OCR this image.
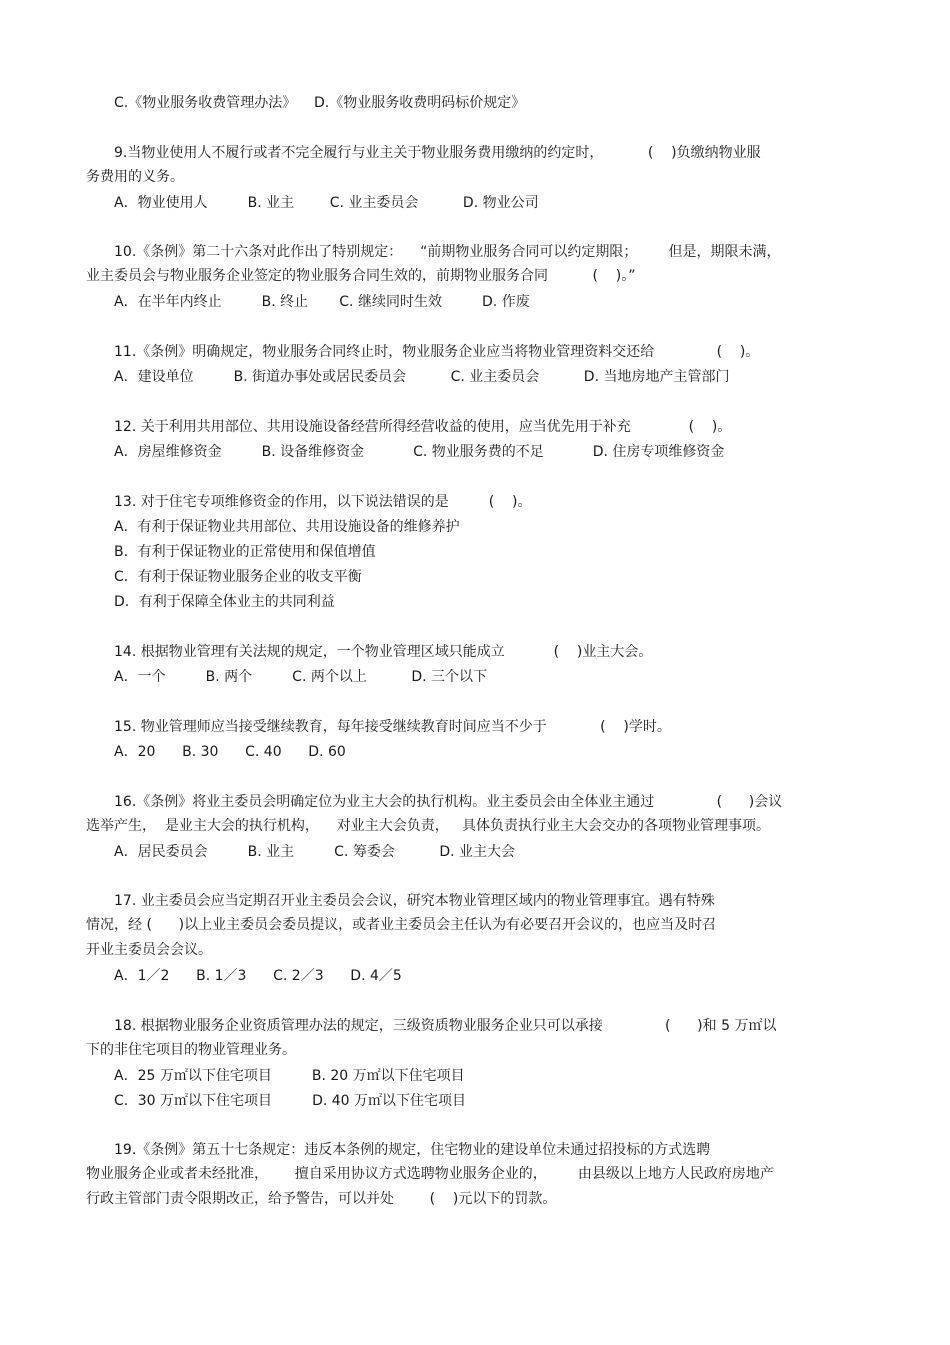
C.《物业服务收费管理办法》    D.《物业服务收费明码标价规定》
9.当物业使用人不履行或者不完全履行与业主关于物业服务费用缴纳的约定时，          (    )负缴纳物业服
务费用的义务。
A．物业使用人         B. 业主        C. 业主委员会          D. 物业公司
10.《条例》第二十六条对此作出了特别规定：    “前期物业服务合同可以约定期限；       但是，期限未满，
业主委员会与物业服务企业签定的物业服务合同生效的，前期物业服务合同          (    )。”
A．在半年内终止         B. 终止       C. 继续同时生效         D. 作废
11.《条例》明确规定，物业服务合同终止时，物业服务企业应当将物业管理资料交还给              (    )。
A．建设单位         B. 街道办事处或居民委员会          C. 业主委员会          D. 当地房地产主管部门
12. 关于利用共用部位、共用设施设备经营所得经营收益的使用，应当优先用于补充             (    )。
A．房屋维修资金         B. 设备维修资金           C. 物业服务费的不足           D. 住房专项维修资金
13. 对于住宅专项维修资金的作用，以下说法错误的是         (    )。
A．有利于保证物业共用部位、共用设施设备的维修养护
B．有利于保证物业的正常使用和保值增值
C．有利于保证物业服务企业的收支平衡
D．有利于保障全体业主的共同利益
14. 根据物业管理有关法规的规定，一个物业管理区域只能成立           (    )业主大会。
A．一个         B. 两个         C. 两个以上          D. 三个以下
15. 物业管理师应当接受继续教育，每年接受继续教育时间应当不少于            (    )学时。
A．20      B. 30      C. 40      D. 60
16.《条例》将业主委员会明确定位为业主大会的执行机构。业主委员会由全体业主通过              (      )会议
选举产生，  是业主大会的执行机构，    对业主大会负责，   具体负责执行业主大会交办的各项物业管理事项。
A．居民委员会         B. 业主         C. 筹委会          D. 业主大会
17. 业主委员会应当定期召开业主委员会会议，研究本物业管理区域内的物业管理事宜。遇有特殊
情况，经 (      )以上业主委员会委员提议，或者业主委员会主任认为有必要召开会议的，也应当及时召
开业主委员会会议。
A．1／2      B. 1／3      C. 2／3      D. 4／5
18. 根据物业服务企业资质管理办法的规定，三级资质物业服务企业只可以承接              (      )和 5 万㎡以
下的非住宅项目的物业管理业务。
A．25 万㎡以下住宅项目         B. 20 万㎡以下住宅项目
C．30 万㎡以下住宅项目         D. 40 万㎡以下住宅项目
19.《条例》第五十七条规定：违反本条例的规定，住宅物业的建设单位未通过招投标的方式选聘
物业服务企业或者未经批准，      擅自采用协议方式选聘物业服务企业的，       由县级以上地方人民政府房地产
行政主管部门责令限期改正，给予警告，可以并处        (    )元以下的罚款。
